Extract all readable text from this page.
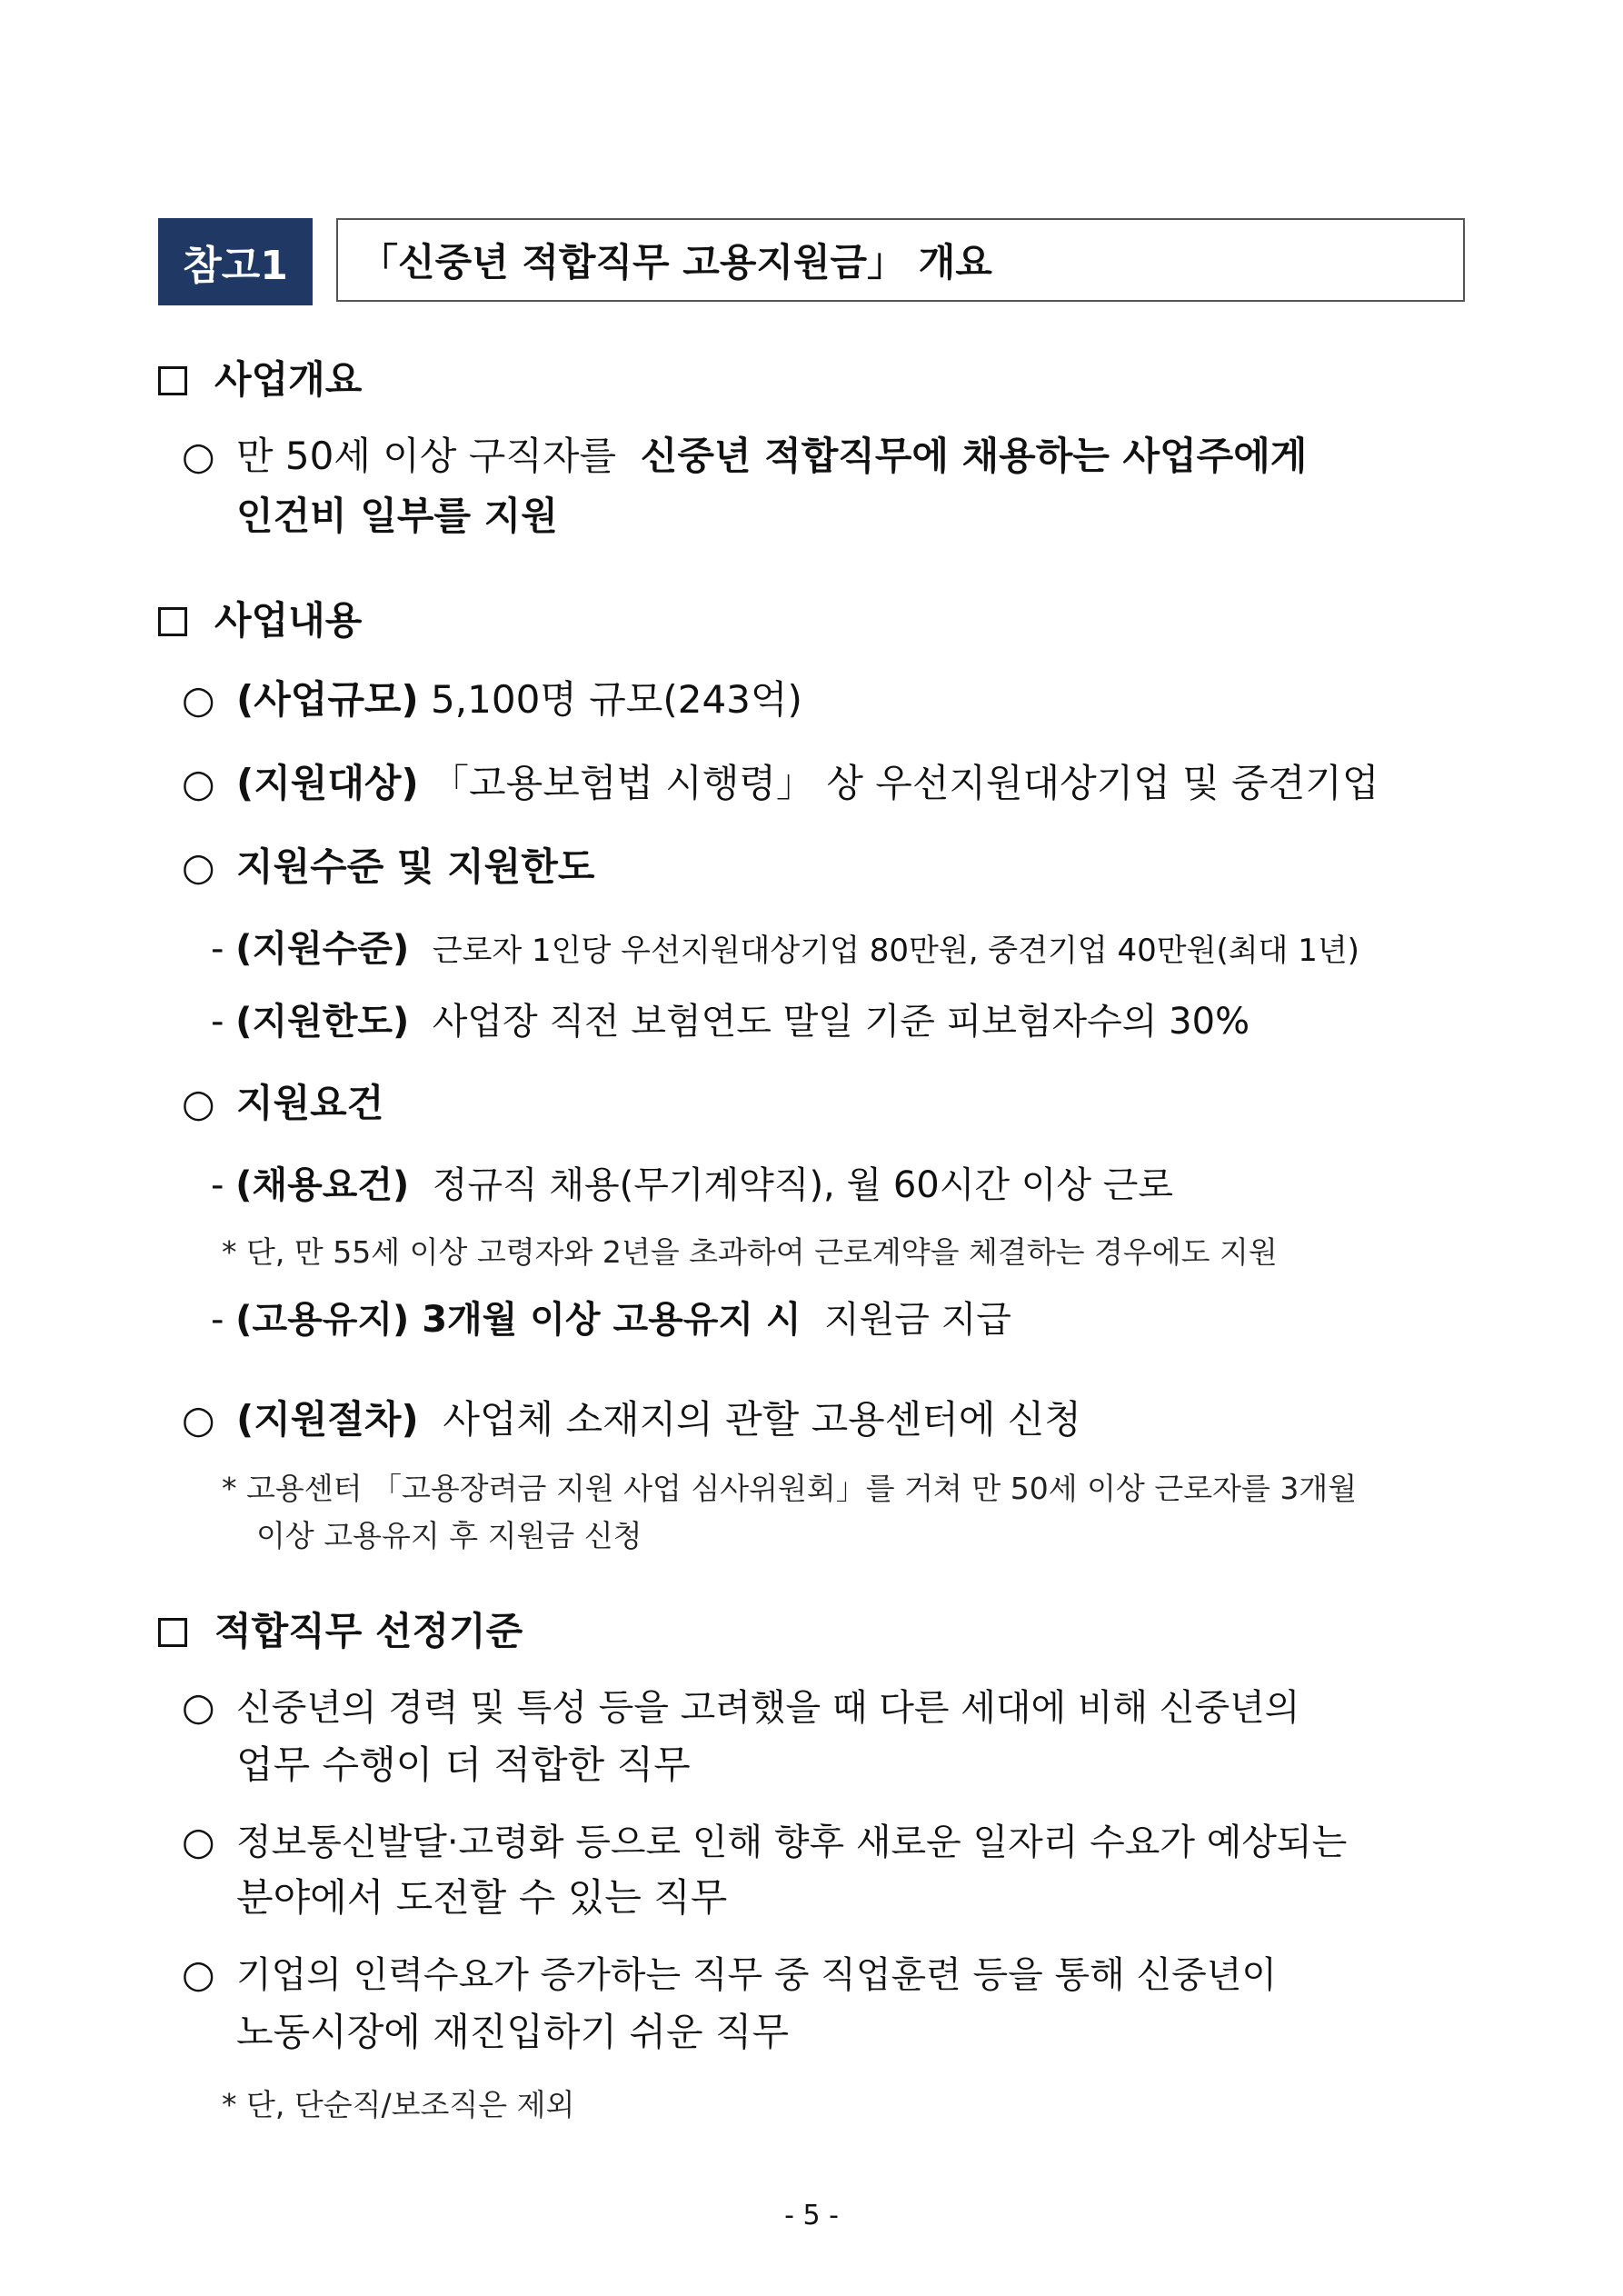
참고1	「신중년 적합직무 고용지원금」 개요
사업개요
○ 만 50세 이상 구직자를 신중년 적합직무에 채용하는 사업주에게
인건비 일부를 지원
사업내용
○ (사업규모) 5,100명 규모(243억)
○ (지원대상) 「고용보험법 시행령」 상 우선지원대상기업 및 중견기업
○ 지원수준 및 지원한도
- (지원수준) 근로자 1인당 우선지원대상기업 80만원, 중견기업 40만원(최대 1년)
- (지원한도) 사업장 직전 보험연도 말일 기준 피보험자수의 30%
○ 지원요건
- (채용요건) 정규직 채용(무기계약직), 월 60시간 이상 근로
* 단, 만 55세 이상 고령자와 2년을 초과하여 근로계약을 체결하는 경우에도 지원
- (고용유지) 3개월 이상 고용유지 시 지원금 지급
○ (지원절차) 사업체 소재지의 관할 고용센터에 신청
* 고용센터 「고용장려금 지원 사업 심사위원회」를 거쳐 만 50세 이상 근로자를 3개월
이상 고용유지 후 지원금 신청
적합직무 선정기준
○ 신중년의 경력 및 특성 등을 고려했을 때 다른 세대에 비해 신중년의
업무 수행이 더 적합한 직무
○ 정보통신발달·고령화 등으로 인해 향후 새로운 일자리 수요가 예상되는
분야에서 도전할 수 있는 직무
○ 기업의 인력수요가 증가하는 직무 중 직업훈련 등을 통해 신중년이
노동시장에 재진입하기 쉬운 직무
* 단, 단순직/보조직은 제외
- 5 -
